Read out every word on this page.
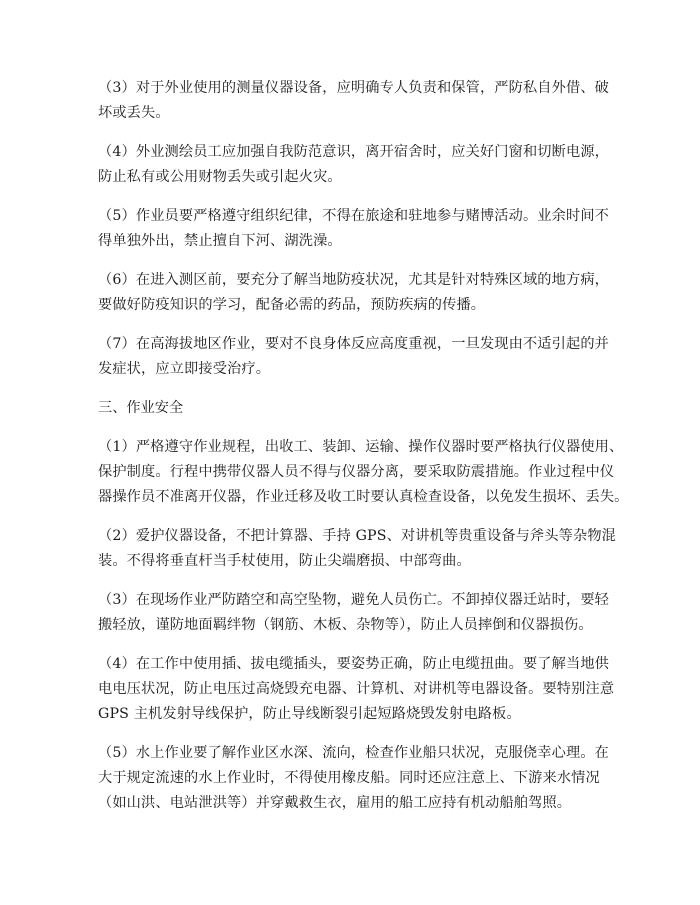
（3）对于外业使用的测量仪器设备，应明确专人负责和保管，严防私自外借、破
坏或丢失。
（4）外业测绘员工应加强自我防范意识，离开宿舍时，应关好门窗和切断电源，
防止私有或公用财物丢失或引起火灾。
（5）作业员要严格遵守组织纪律，不得在旅途和驻地参与赌博活动。业余时间不
得单独外出，禁止擅自下河、湖洗澡。
（6）在进入测区前，要充分了解当地防疫状况，尤其是针对特殊区域的地方病，
要做好防疫知识的学习，配备必需的药品，预防疾病的传播。
（7）在高海拔地区作业，要对不良身体反应高度重视，一旦发现由不适引起的并
发症状，应立即接受治疗。
三、作业安全
（1）严格遵守作业规程，出收工、装卸、运输、操作仪器时要严格执行仪器使用、
保护制度。行程中携带仪器人员不得与仪器分离，要采取防震措施。作业过程中仪
器操作员不准离开仪器，作业迁移及收工时要认真检查设备，以免发生损坏、丢失。
（2）爱护仪器设备，不把计算器、手持 GPS、对讲机等贵重设备与斧头等杂物混
装。不得将垂直杆当手杖使用，防止尖端磨损、中部弯曲。
（3）在现场作业严防踏空和高空坠物，避免人员伤亡。不卸掉仪器迁站时，要轻
搬轻放，谨防地面羁绊物（钢筋、木板、杂物等），防止人员摔倒和仪器损伤。
（4）在工作中使用插、拔电缆插头，要姿势正确，防止电缆扭曲。要了解当地供
电电压状况，防止电压过高烧毁充电器、计算机、对讲机等电器设备。要特别注意
GPS 主机发射导线保护，防止导线断裂引起短路烧毁发射电路板。
（5）水上作业要了解作业区水深、流向，检查作业船只状况，克服侥幸心理。在
大于规定流速的水上作业时，不得使用橡皮船。同时还应注意上、下游来水情况
（如山洪、电站泄洪等）并穿戴救生衣，雇用的船工应持有机动船舶驾照。
